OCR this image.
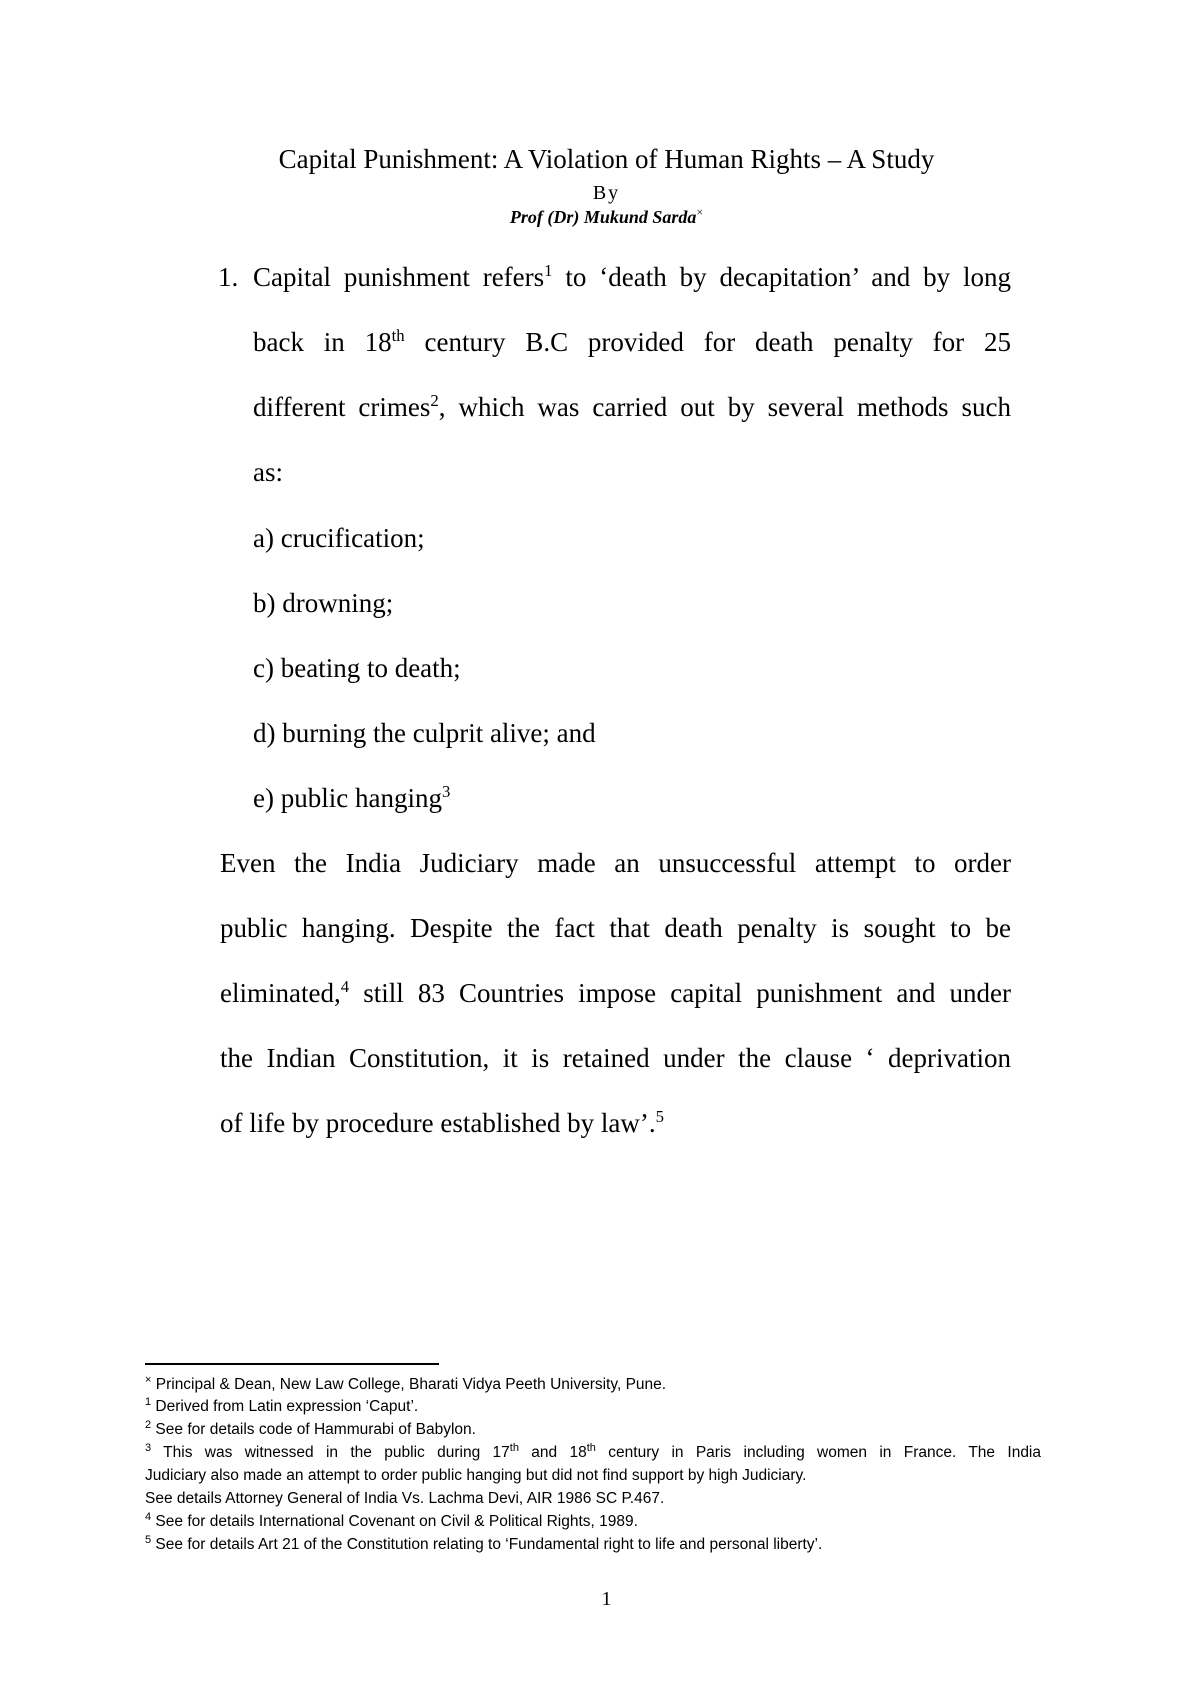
Capital Punishment: A Violation of Human Rights – A Study
By
Prof (Dr) Mukund Sarda×
1. Capital punishment refers$^1$ to ‘death by decapitation’ and by long
back in 18th century B.C provided for death penalty for 25
different crimes$^2$, which was carried out by several methods such
as:
a) crucification;
b) drowning;
c) beating to death;
d) burning the culprit alive; and
e) public hanging$^3$
Even the India Judiciary made an unsuccessful attempt to order
public hanging. Despite the fact that death penalty is sought to be
eliminated,$^4$ still 83 Countries impose capital punishment and under
the Indian Constitution, it is retained under the clause ‘ deprivation
of life by procedure established by law’.$^5$
× Principal & Dean, New Law College, Bharati Vidya Peeth University, Pune.
$^1$ Derived from Latin expression ‘Caput’.
$^2$ See for details code of Hammurabi of Babylon.
$^3$ This was witnessed in the public during 17th and 18th century in Paris including women in France. The India
Judiciary also made an attempt to order public hanging but did not find support by high Judiciary.
See details Attorney General of India Vs. Lachma Devi, AIR 1986 SC P.467.
$^4$ See for details International Covenant on Civil & Political Rights, 1989.
$^5$ See for details Art 21 of the Constitution relating to ‘Fundamental right to life and personal liberty’.
1
